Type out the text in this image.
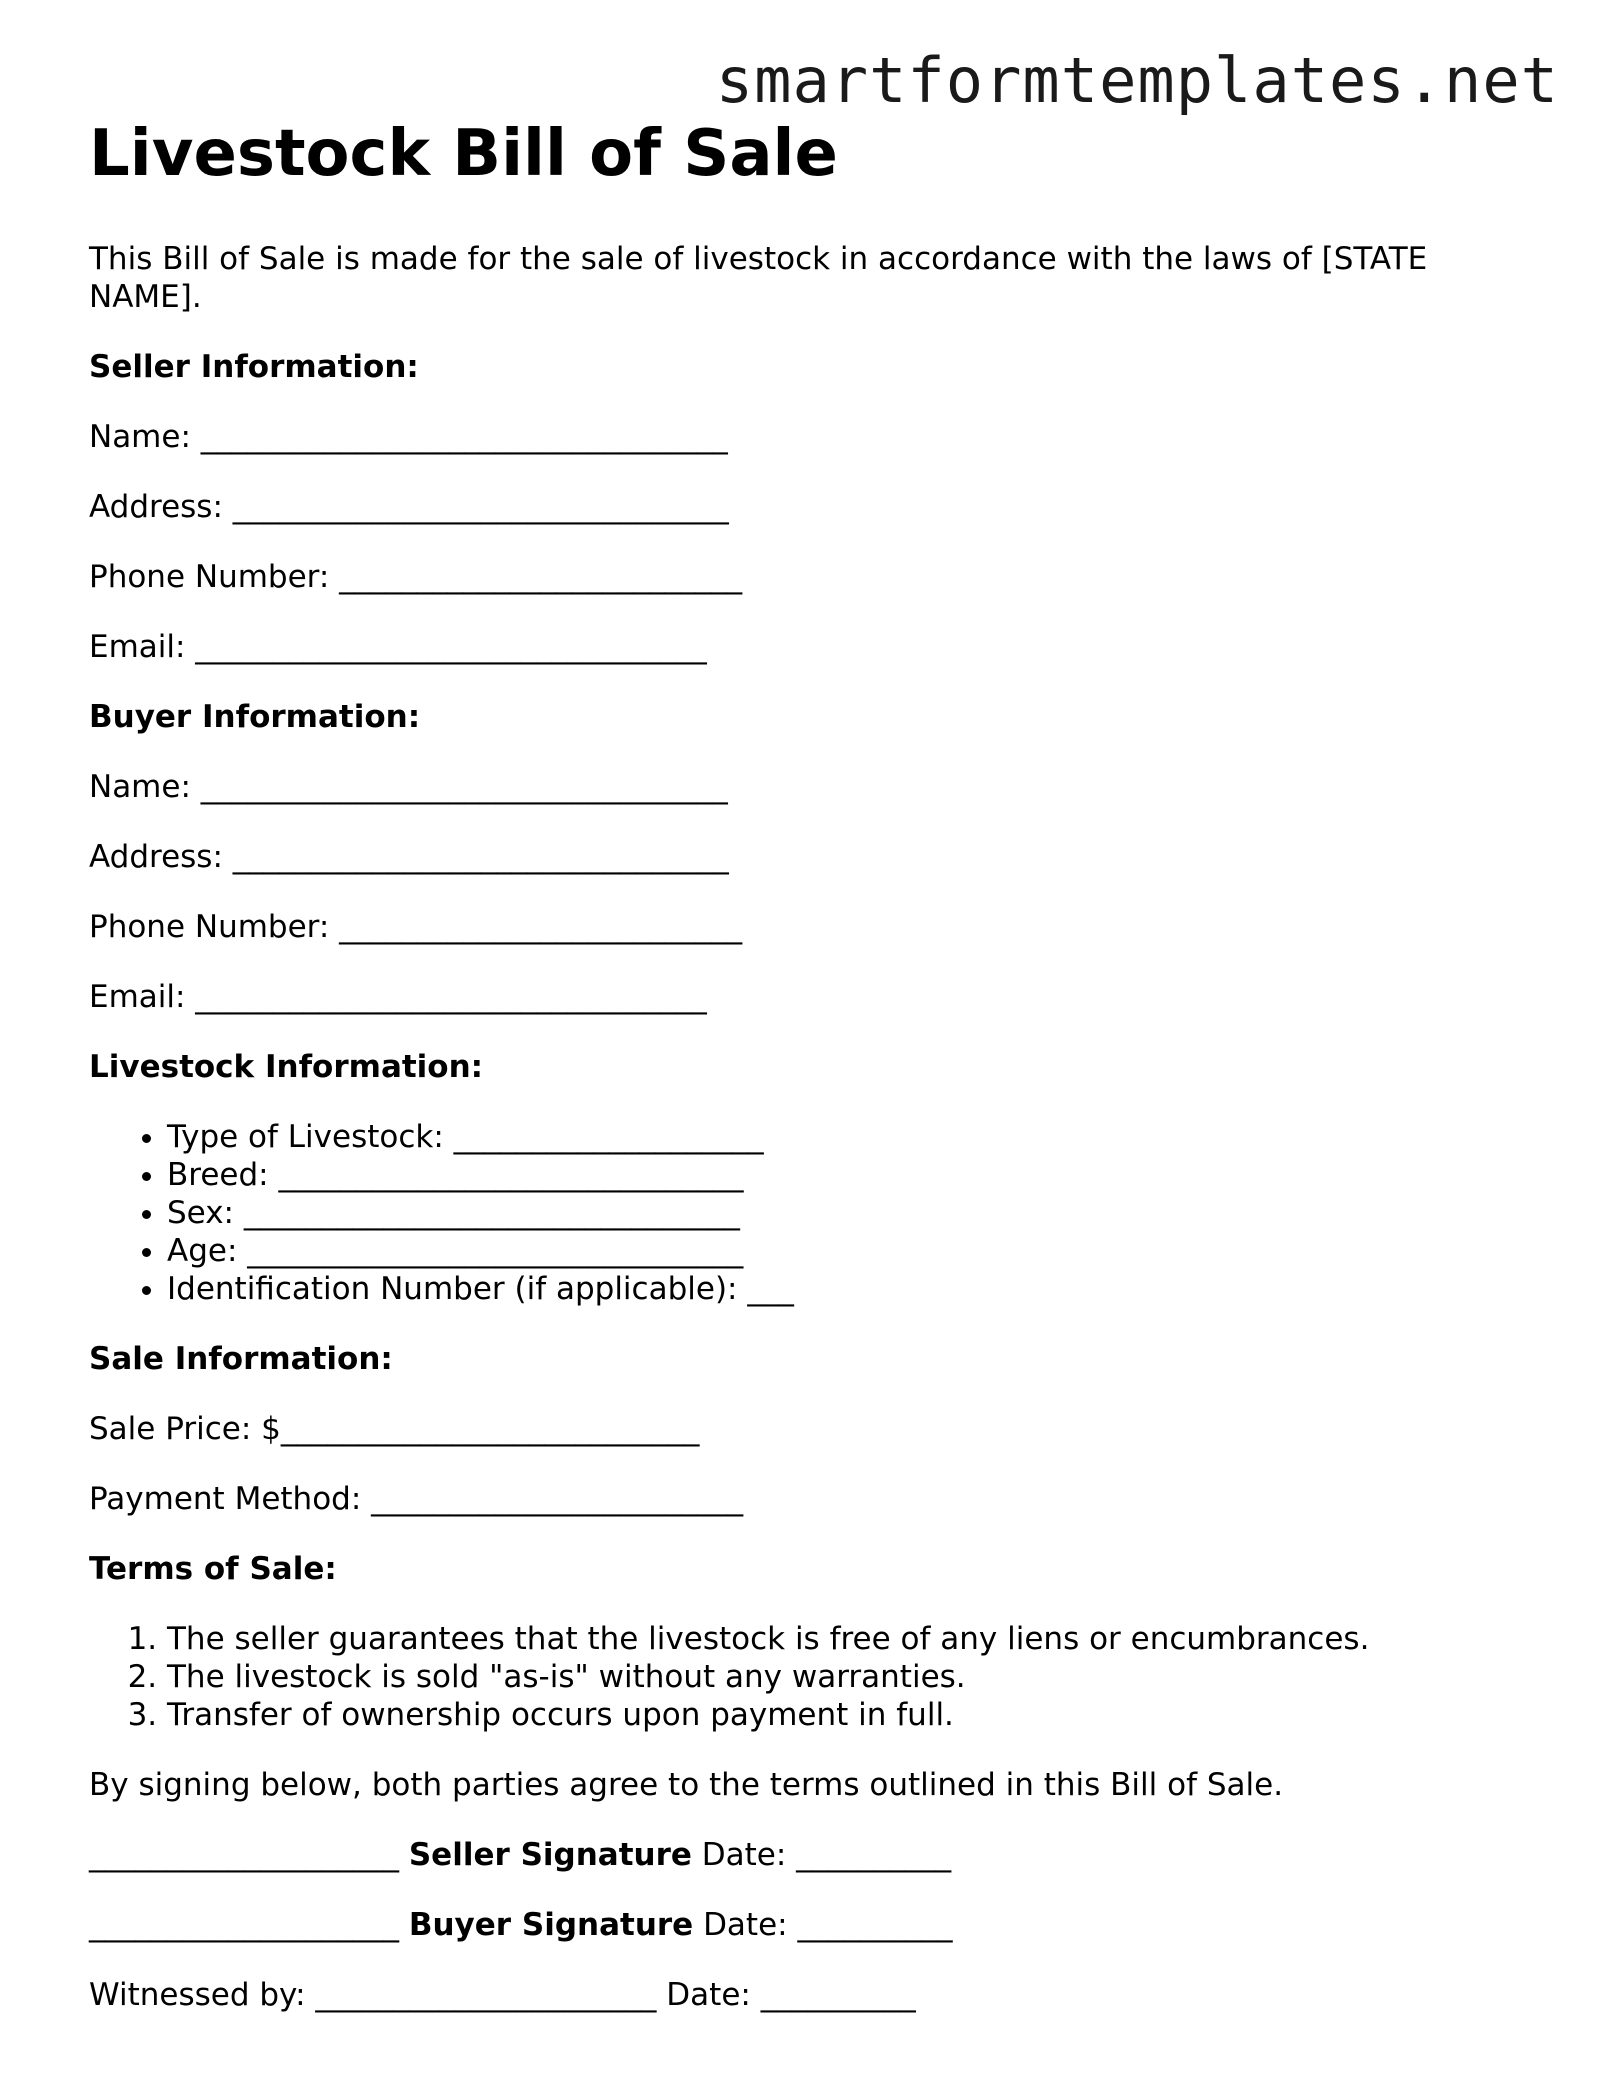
smartformtemplates.net
Livestock Bill of Sale

This Bill of Sale is made for the sale of livestock in accordance with the laws of [STATE NAME].

Seller Information:
Name: __________________________________
Address: ________________________________
Phone Number: __________________________
Email: _________________________________
Buyer Information:
Name: __________________________________
Address: ________________________________
Phone Number: __________________________
Email: _________________________________
Livestock Information:
• Type of Livestock: ____________________
• Breed: ______________________________
• Sex: ________________________________
• Age: ________________________________
• Identification Number (if applicable): ___
Sale Information:
Sale Price: $___________________________
Payment Method: ________________________
Terms of Sale:
1. The seller guarantees that the livestock is free of any liens or encumbrances.
2. The livestock is sold "as-is" without any warranties.
3. Transfer of ownership occurs upon payment in full.

By signing below, both parties agree to the terms outlined in this Bill of Sale.

____________________ Seller Signature Date: __________
____________________ Buyer Signature Date: __________
Witnessed by: ______________________ Date: __________
